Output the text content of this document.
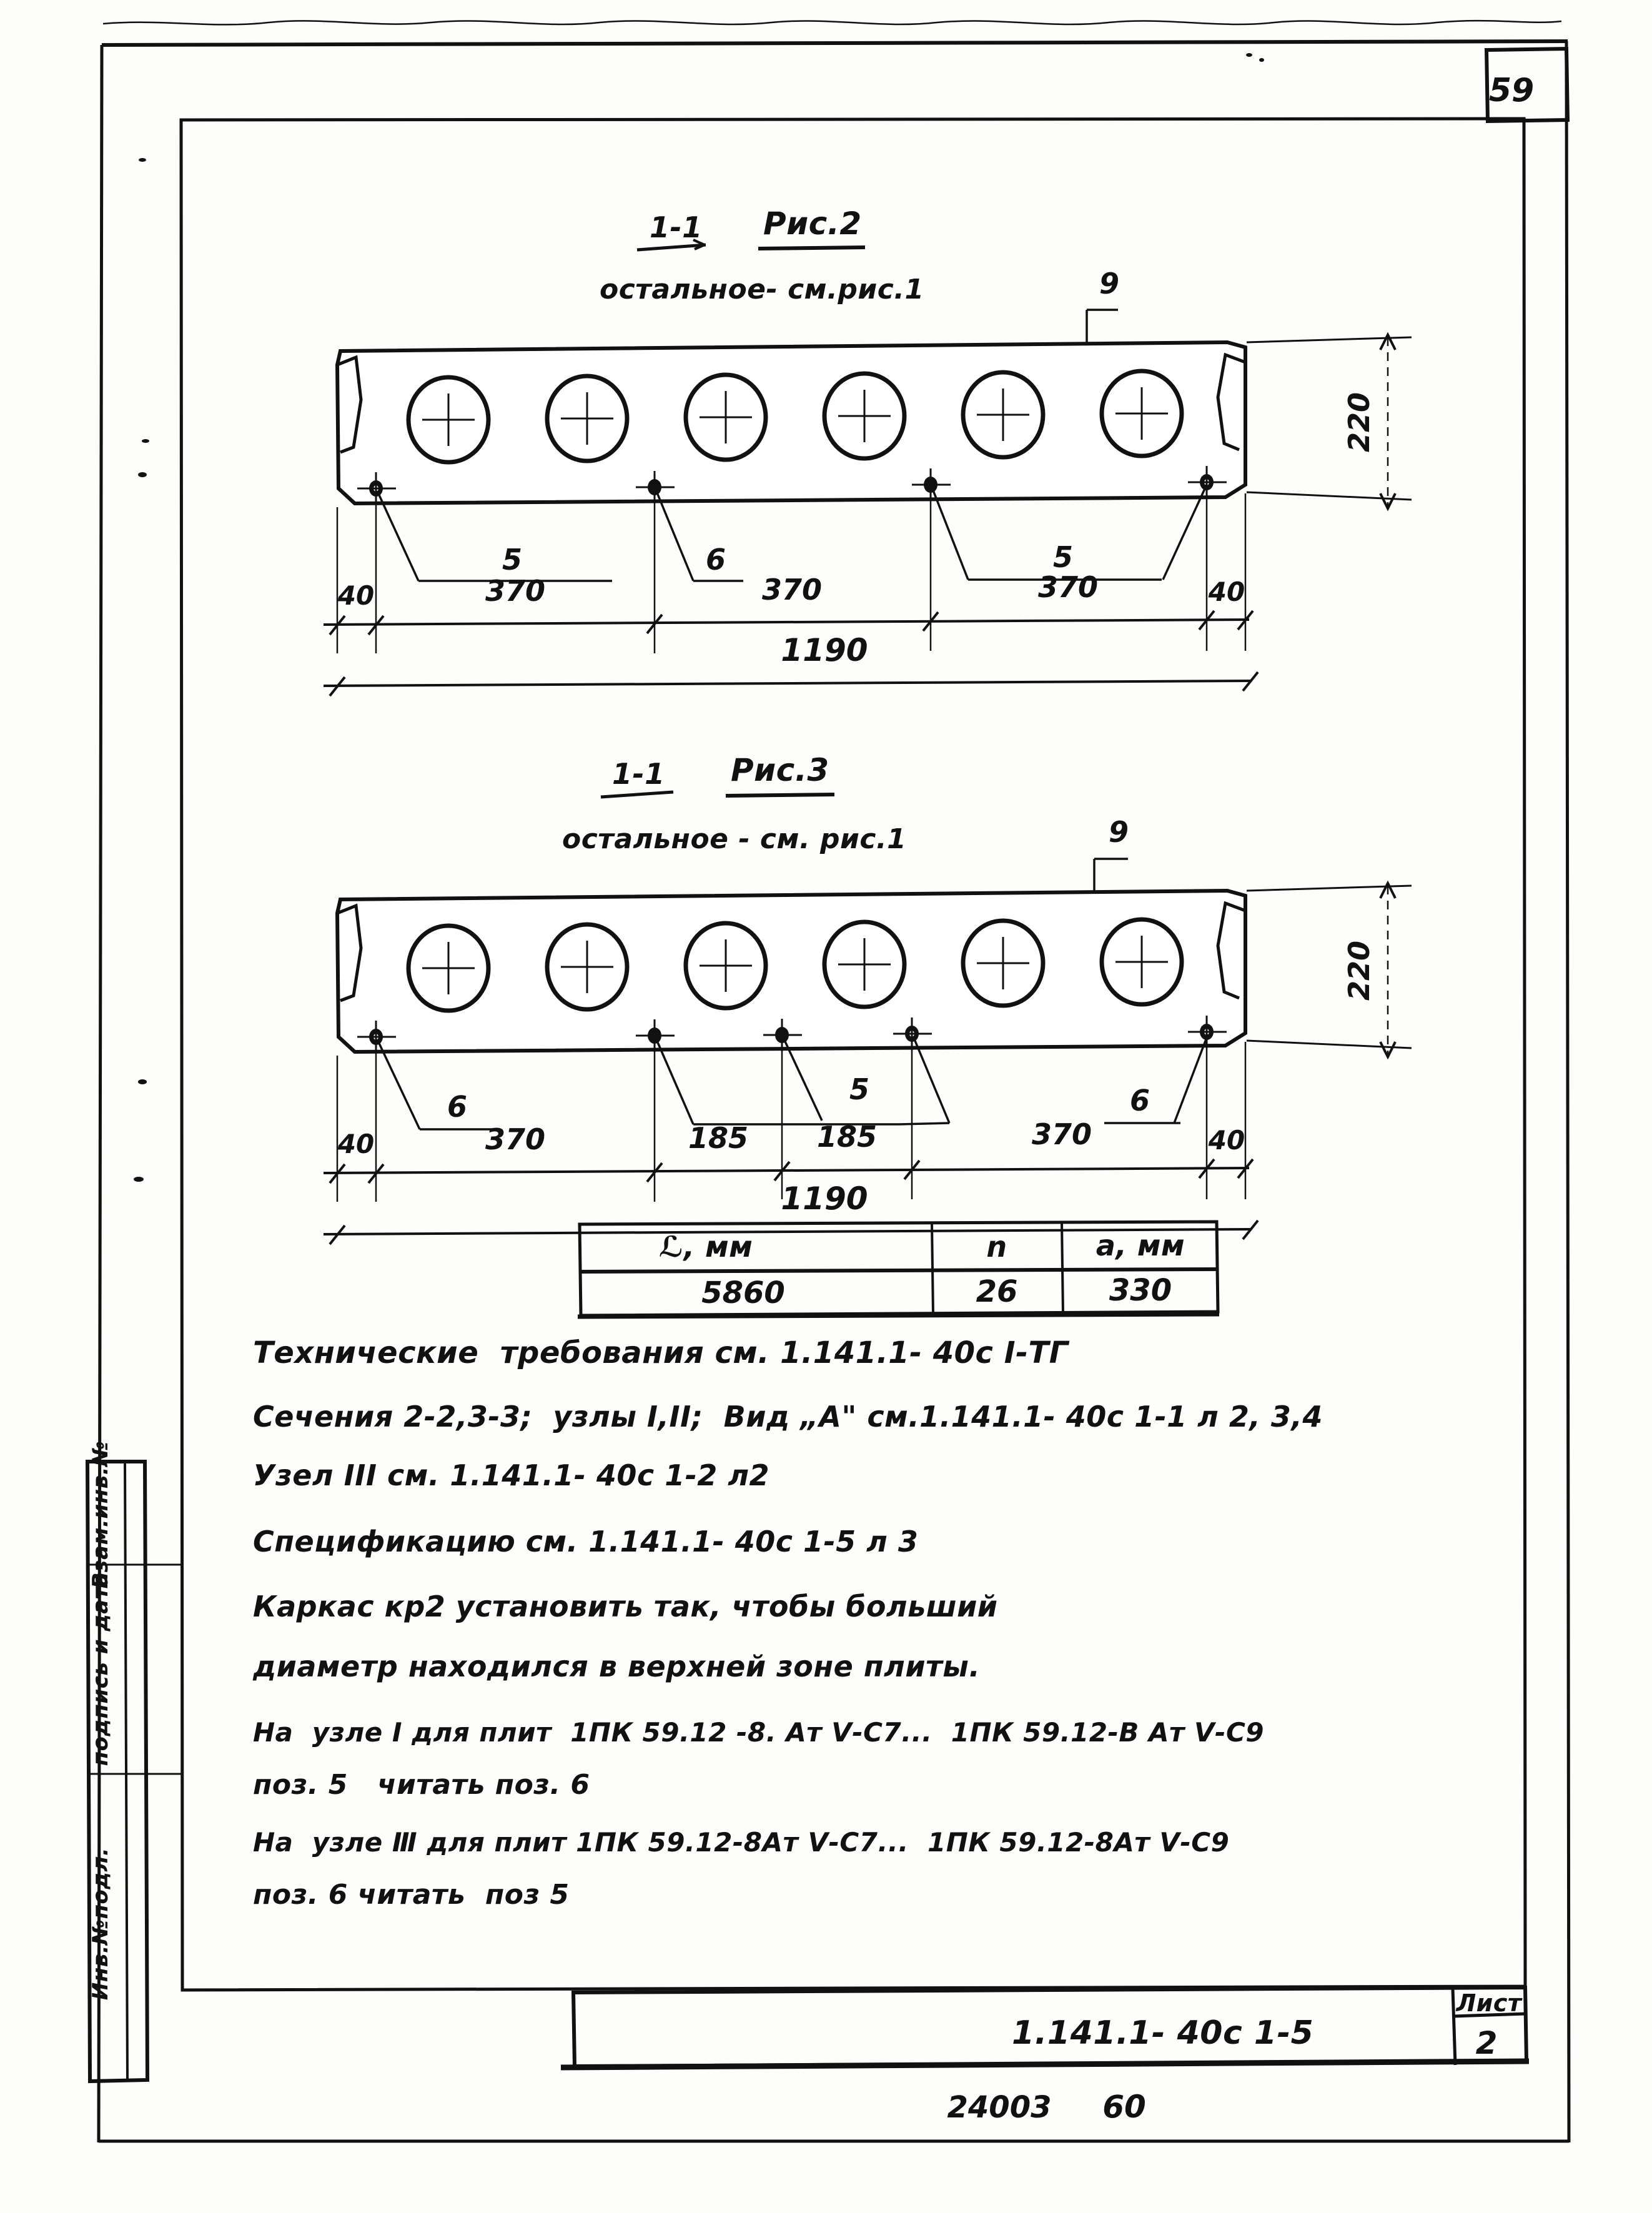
59
1-1 Рис.2
остальное- см.рис.1	9
5	6	5
40	370	370	370	40
1190
220
1-1 Рис.3
остальное - см. рис.1	9
6
5	6
40	370	185 185	370	40
1190
220
ℒ, мм	n	а, мм
5860	26	330
Технические  требования см. 1.141.1- 40с I-ТГ
Сечения 2-2,3-3;  узлы I,ІІ;  Вид „А" см.1.141.1- 40с 1-1 л 2, 3,4
Узел ІІІ см. 1.141.1- 40с 1-2 л2
Спецификацию см. 1.141.1- 40с 1-5 л 3
Каркас кр2 установить так, чтобы больший
диаметр находился в верхней зоне плиты.
На  узле I для плит  1ПК 59.12 -8. Ат Ⅴ-С7...  1ПК 59.12-В Ат Ⅴ-С9
поз. 5   читать поз. 6
На  узле Ⅲ для плит 1ПК 59.12-8Ат Ⅴ-С7...  1ПК 59.12-8Ат Ⅴ-С9
поз. 6 читать  поз 5
Взам.инв.№
подпись и дата
Инв.№подл.
1.141.1- 40с 1-5
Лист
2
24003 60
